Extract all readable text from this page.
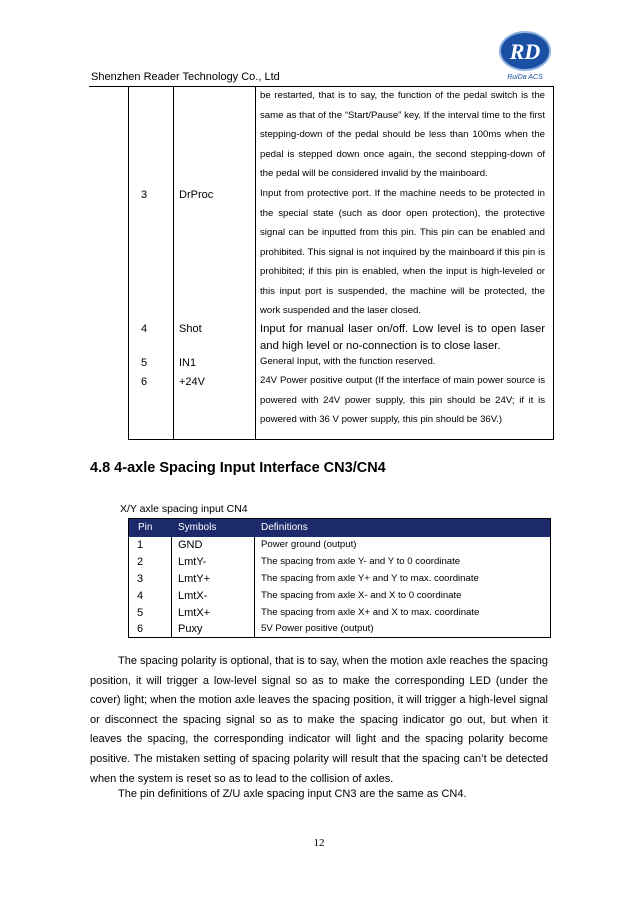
Shenzhen Reader Technology Co., Ltd
RD
RuiDa ACS
be restarted, that is to say, the function of the pedal switch is the same as that of the “Start/Pause” key. If the interval time to the first stepping-down of the pedal should be less than 100ms when the pedal is stepped down once again, the second stepping-down of the pedal will be considered invalid by the mainboard.
3	DrProc	Input from protective port. If the machine needs to be protected in the special state (such as door open protection), the protective signal can be inputted from this pin. This pin can be enabled and prohibited. This signal is not inquired by the mainboard if this pin is prohibited; if this pin is enabled, when the input is high-leveled or this input port is suspended, the machine will be protected, the work suspended and the laser closed.
4	Shot	Input for manual laser on/off. Low level is to open laser and high level or no-connection is to close laser.
5	IN1	General Input, with the function reserved.
6	+24V	24V Power positive output (If the interface of main power source is powered with 24V power supply, this pin should be 24V; if it is powered with 36 V power supply, this pin should be 36V.)
4.8 4-axle Spacing Input Interface CN3/CN4
X/Y axle spacing input CN4
Pin	Symbols	Definitions
1	GND	Power ground (output)
2	LmtY-	The spacing from axle Y- and Y to 0 coordinate
3	LmtY+	The spacing from axle Y+ and Y to max. coordinate
4	LmtX-	The spacing from axle X- and X to 0 coordinate
5	LmtX+	The spacing from axle X+ and X to max. coordinate
6	Puxy	5V Power positive (output)

The spacing polarity is optional, that is to say, when the motion axle reaches the spacing position, it will trigger a low-level signal so as to make the corresponding LED (under the cover) light; when the motion axle leaves the spacing position, it will trigger a high-level signal or disconnect the spacing signal so as to make the spacing indicator go out, but when it leaves the spacing, the corresponding indicator will light and the spacing polarity become positive. The mistaken setting of spacing polarity will result that the spacing can’t be detected when the system is reset so as to lead to the collision of axles.

The pin definitions of Z/U axle spacing input CN3 are the same as CN4.

12
